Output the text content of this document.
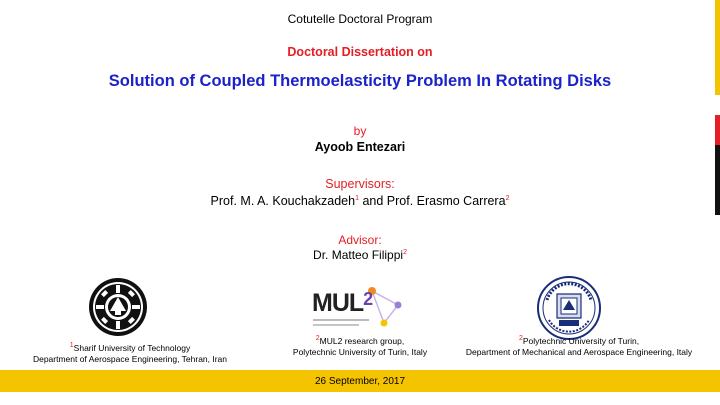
Cotutelle Doctoral Program
Doctoral Dissertation on
Solution of Coupled Thermoelasticity Problem In Rotating Disks
by
Ayoob Entezari
Supervisors:
Prof. M. A. Kouchakzadeh$^1$ and Prof. Erasmo Carrera$^2$
Advisor:
Dr. Matteo Filippi$^2$
MUL$^2$
$^1$Sharif University of Technology
Department of Aerospace Engineering, Tehran, Iran
$^2$MUL2 research group,
Polytechnic University of Turin, Italy
$^2$Polytechnic University of Turin,
Department of Mechanical and Aerospace Engineering, Italy
26 September, 2017
